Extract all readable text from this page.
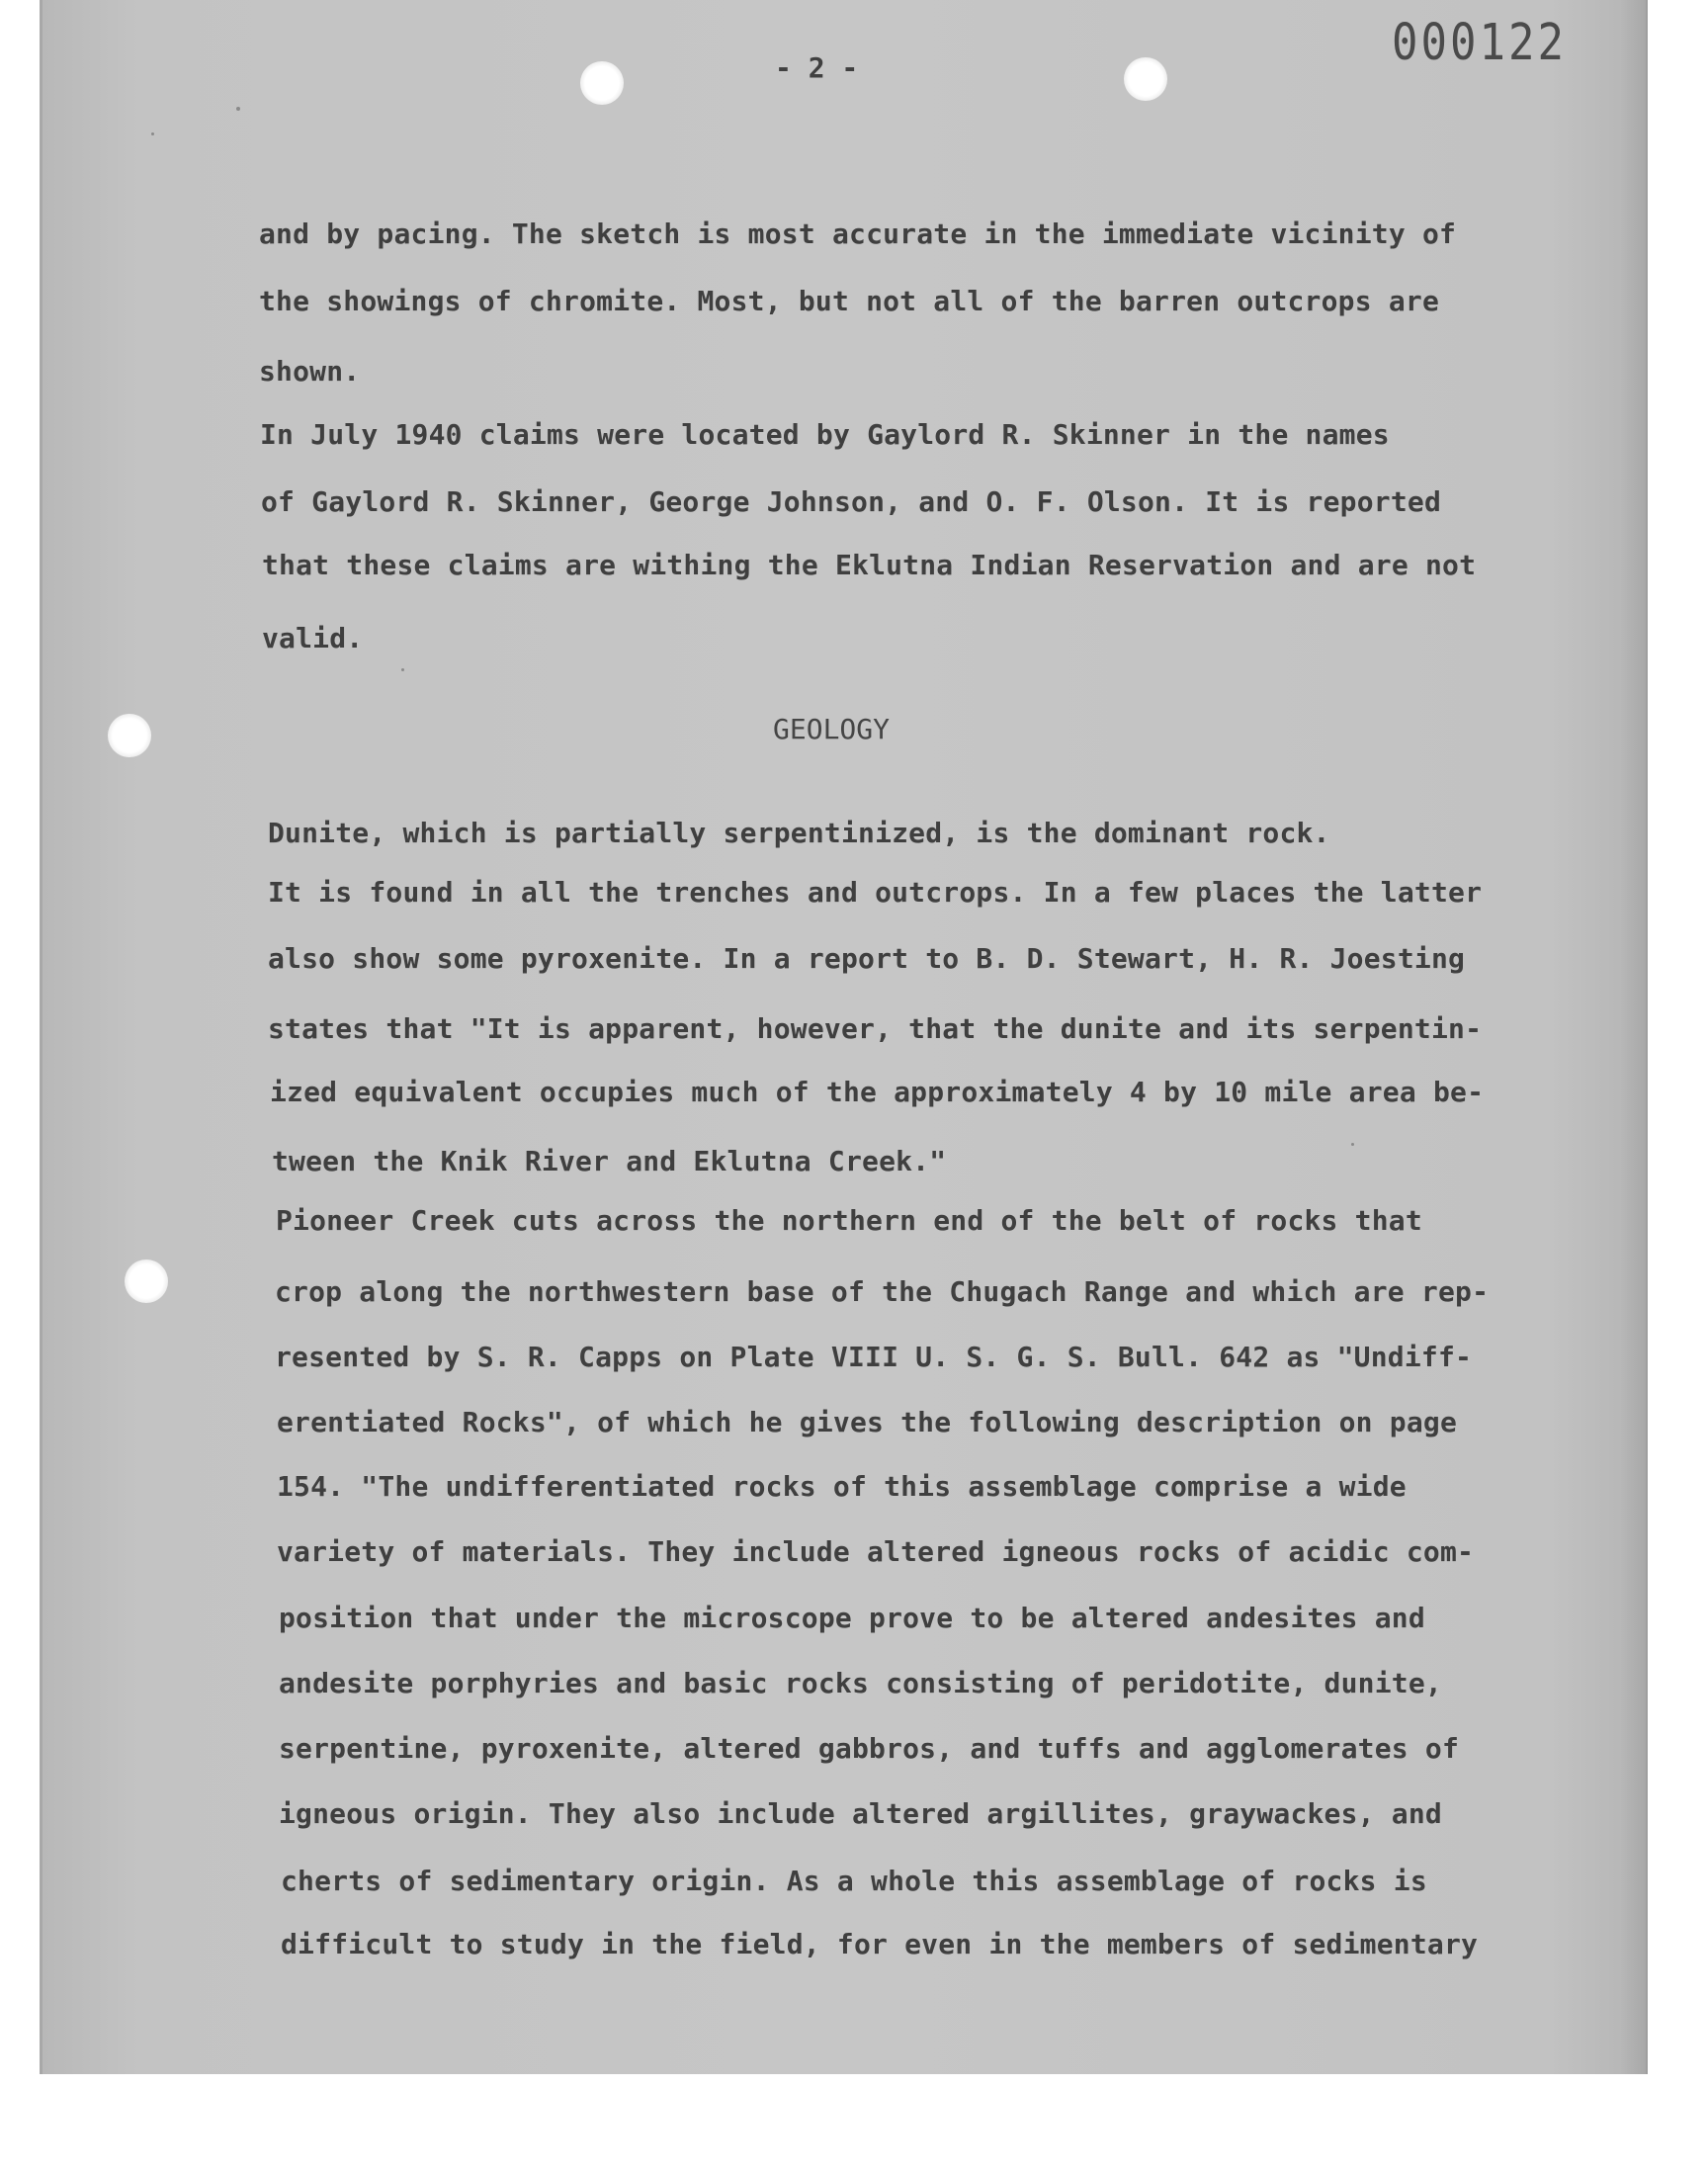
000122
- 2 -
and by pacing. The sketch is most accurate in the immediate vicinity of
the showings of chromite. Most, but not all of the barren outcrops are
shown.
In July 1940 claims were located by Gaylord R. Skinner in the names
of Gaylord R. Skinner, George Johnson, and O. F. Olson. It is reported
that these claims are withing the Eklutna Indian Reservation and are not
valid.
GEOLOGY
Dunite, which is partially serpentinized, is the dominant rock.
It is found in all the trenches and outcrops. In a few places the latter
also show some pyroxenite. In a report to B. D. Stewart, H. R. Joesting
states that "It is apparent, however, that the dunite and its serpentin-
ized equivalent occupies much of the approximately 4 by 10 mile area be-
tween the Knik River and Eklutna Creek."
Pioneer Creek cuts across the northern end of the belt of rocks that
crop along the northwestern base of the Chugach Range and which are rep-
resented by S. R. Capps on Plate VIII U. S. G. S. Bull. 642 as "Undiff-
erentiated Rocks", of which he gives the following description on page
154. "The undifferentiated rocks of this assemblage comprise a wide
variety of materials. They include altered igneous rocks of acidic com-
position that under the microscope prove to be altered andesites and
andesite porphyries and basic rocks consisting of peridotite, dunite,
serpentine, pyroxenite, altered gabbros, and tuffs and agglomerates of
igneous origin. They also include altered argillites, graywackes, and
cherts of sedimentary origin. As a whole this assemblage of rocks is
difficult to study in the field, for even in the members of sedimentary
